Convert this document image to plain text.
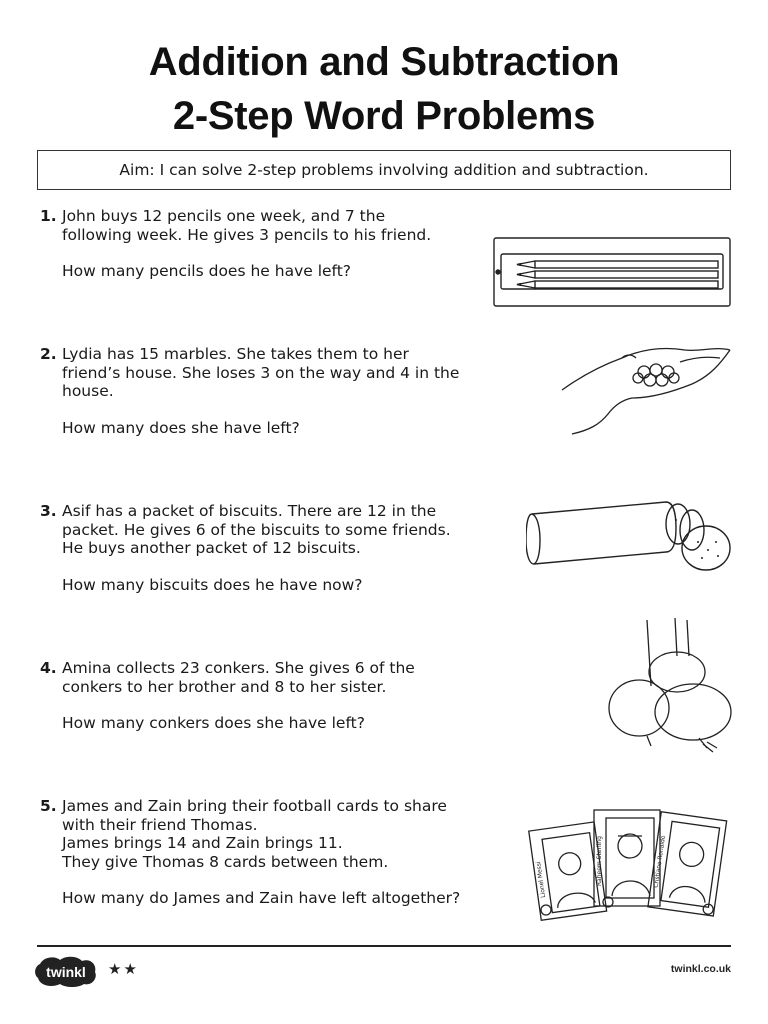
Addition and Subtraction
2-Step Word Problems
Aim: I can solve 2-step problems involving addition and subtraction.
1. John buys 12 pencils one week, and 7 the
following week. He gives 3 pencils to his friend.
How many pencils does he have left?
2. Lydia has 15 marbles. She takes them to her
friend’s house. She loses 3 on the way and 4 in the
house.
How many does she have left?
3. Asif has a packet of biscuits. There are 12 in the
packet. He gives 6 of the biscuits to some friends.
He buys another packet of 12 biscuits.
How many biscuits does he have now?
4. Amina collects 23 conkers. She gives 6 of the
conkers to her brother and 8 to her sister.
How many conkers does she have left?
5. James and Zain bring their football cards to share
with their friend Thomas.
James brings 14 and Zain brings 11.
They give Thomas 8 cards between them.
How many do James and Zain have left altogether?	Lionel Messi	Raheem Sterling	Cristiano Ronaldo
twinkl ★★	twinkl.co.uk
